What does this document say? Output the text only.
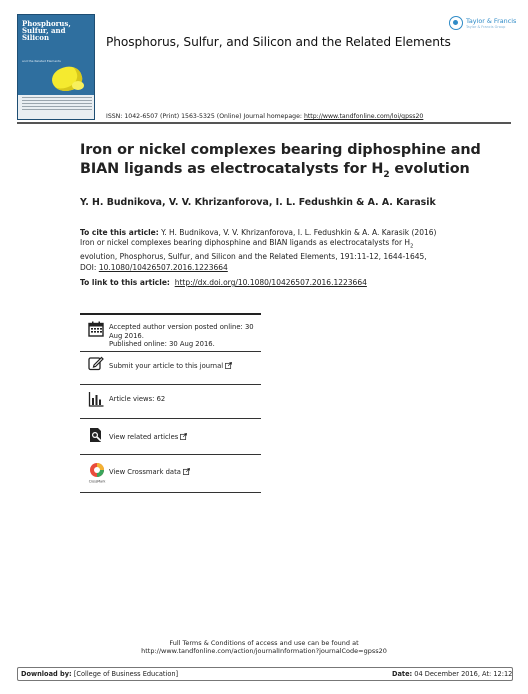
Phosphorus,
Sulfur, and
Silicon
and the Related Elements
Phosphorus, Sulfur, and Silicon and the Related Elements
Taylor & Francis
Taylor & Francis Group
ISSN: 1042-6507 (Print) 1563-5325 (Online) Journal homepage: http://www.tandfonline.com/loi/gpss20
Iron or nickel complexes bearing diphosphine and BIAN ligands as electrocatalysts for $H_2$ evolution
Y. H. Budnikova, V. V. Khrizanforova, I. L. Fedushkin & A. A. Karasik
To cite this article: Y. H. Budnikova, V. V. Khrizanforova, I. L. Fedushkin & A. A. Karasik (2016) Iron or nickel complexes bearing diphosphine and BIAN ligands as electrocatalysts for $H_2$ evolution, Phosphorus, Sulfur, and Silicon and the Related Elements, 191:11-12, 1644-1645, DOI: 10.1080/10426507.2016.1223664
To link to this article: http://dx.doi.org/10.1080/10426507.2016.1223664
Accepted author version posted online: 30 Aug 2016.
Published online: 30 Aug 2016.
Submit your article to this journal
Article views: 62
View related articles
CrossMark
View Crossmark data
Full Terms & Conditions of access and use can be found at
http://www.tandfonline.com/action/journalInformation?journalCode=gpss20
Download by: [College of Business Education]	Date: 04 December 2016, At: 12:12
